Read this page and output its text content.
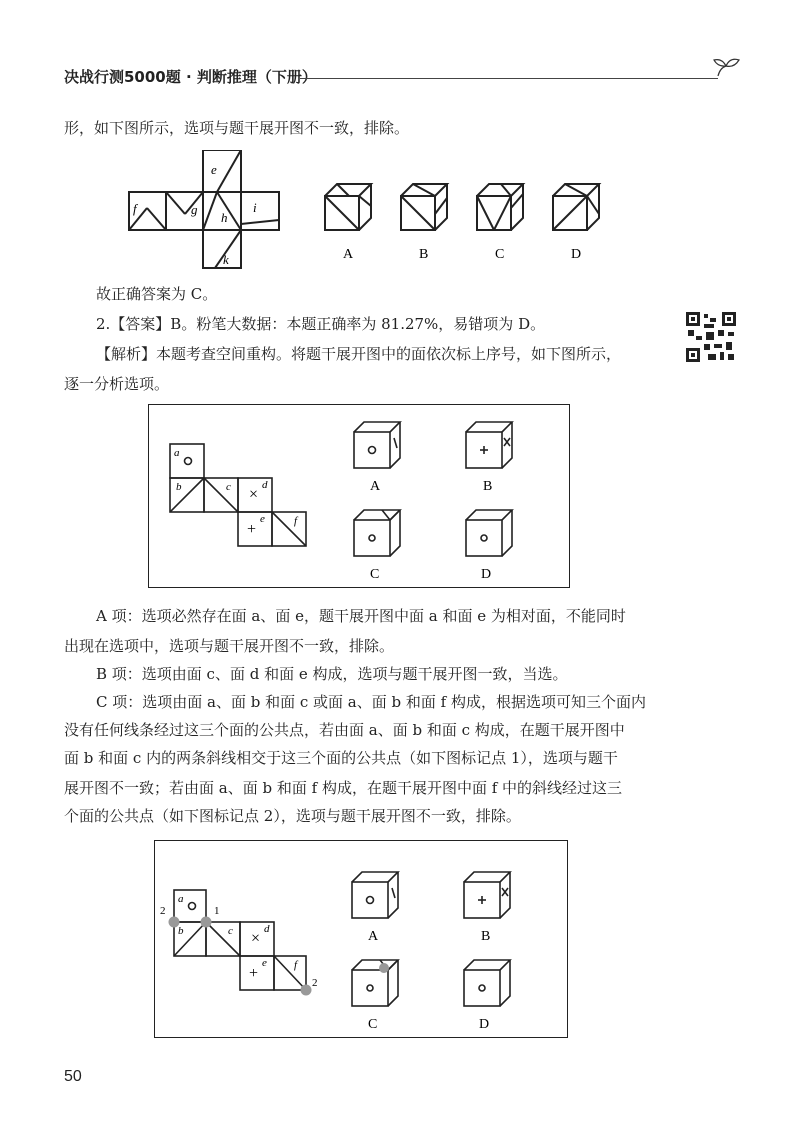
决战行测5000题 · 判断推理（下册）
形，如下图所示，选项与题干展开图不一致，排除。
e
f	g
h
i
k	A	B	C	D
故正确答案为 C。
2.【答案】B。粉笔大数据：本题正确率为 81.27%，易错项为 D。
【解析】本题考查空间重构。将题干展开图中的面依次标上序号，如下图所示，
逐一分析选项。
a
b	c ×
d
+
e	f
A	B
C	D
A 项：选项必然存在面 a、面 e，题干展开图中面 a 和面 e 为相对面，不能同时
出现在选项中，选项与题干展开图不一致，排除。
B 项：选项由面 c、面 d 和面 e 构成，选项与题干展开图一致，当选。
C 项：选项由面 a、面 b 和面 c 或面 a、面 b 和面 f 构成，根据选项可知三个面内
没有任何线条经过这三个面的公共点，若由面 a、面 b 和面 c 构成，在题干展开图中
面 b 和面 c 内的两条斜线相交于这三个面的公共点（如下图标记点 1），选项与题干
展开图不一致；若由面 a、面 b 和面 f 构成，在题干展开图中面 f 中的斜线经过这三
个面的公共点（如下图标记点 2），选项与题干展开图不一致，排除。
2	1
2
a
b	c ×
d
+
e f
A	B
C	D
50
